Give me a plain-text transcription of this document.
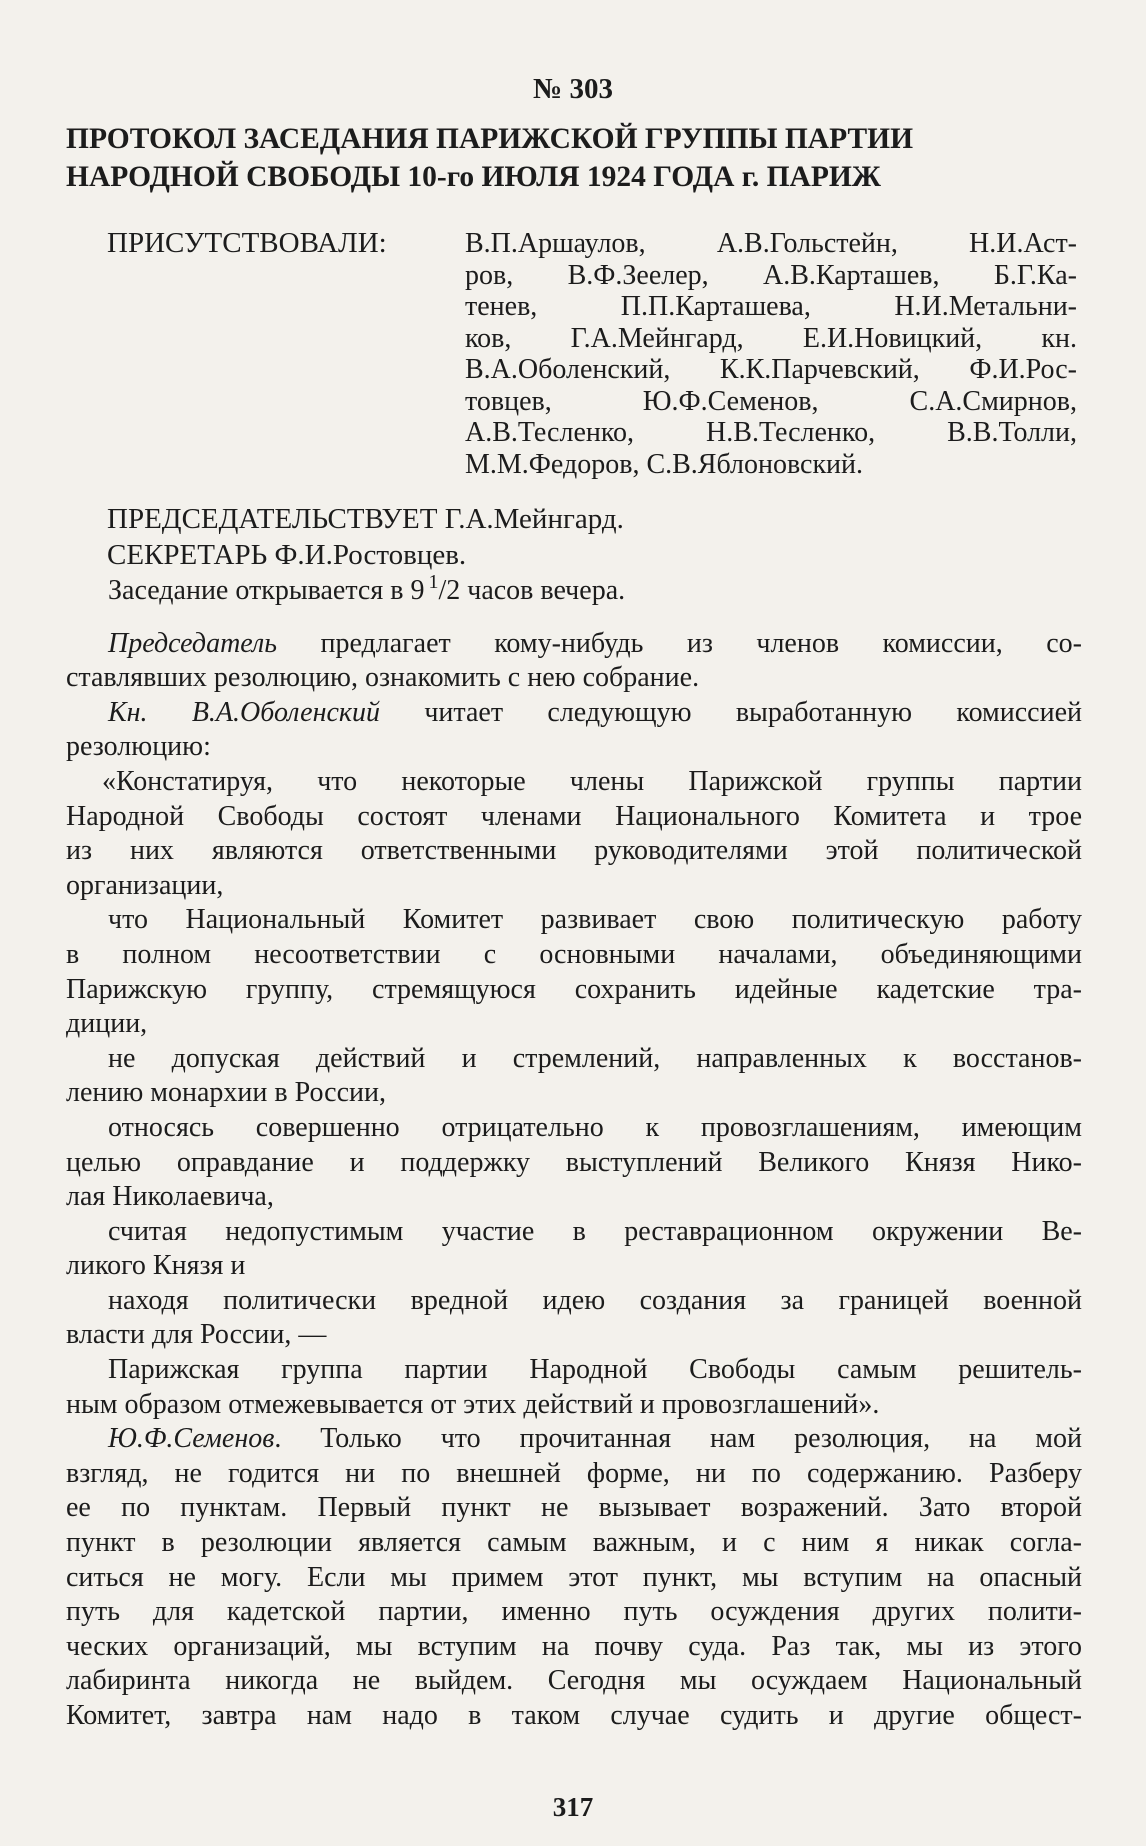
№ 303
ПРОТОКОЛ ЗАСЕДАНИЯ ПАРИЖСКОЙ ГРУППЫ ПАРТИИ
НАРОДНОЙ СВОБОДЫ 10-го ИЮЛЯ 1924 ГОДА г. ПАРИЖ
ПРИСУТСТВОВАЛИ:	В.П.Аршаулов, А.В.Гольстейн, Н.И.Аст-
ров, В.Ф.Зеелер, А.В.Карташев, Б.Г.Ка-
тенев, П.П.Карташева, Н.И.Метальни-
ков, Г.А.Мейнгард, Е.И.Новицкий, кн.
В.А.Оболенский, К.К.Парчевский, Ф.И.Рос-
товцев, Ю.Ф.Семенов, С.А.Смирнов,
А.В.Тесленко, Н.В.Тесленко, В.В.Толли,
М.М.Федоров, С.В.Яблоновский.
ПРЕДСЕДАТЕЛЬСТВУЕТ Г.А.Мейнгард.
СЕКРЕТАРЬ Ф.И.Ростовцев.
Заседание открывается в 9 $^1$/2 часов вечера.
Председатель предлагает кому-нибудь из членов комиссии, со-
ставлявших резолюцию, ознакомить с нею собрание.
Кн. В.А.Оболенский читает следующую выработанную комиссией
резолюцию:
«Констатируя, что некоторые члены Парижской группы партии
Народной Свободы состоят членами Национального Комитета и трое
из них являются ответственными руководителями этой политической
организации,
что Национальный Комитет развивает свою политическую работу
в полном несоответствии с основными началами, объединяющими
Парижскую группу, стремящуюся сохранить идейные кадетские тра-
диции,
не допуская действий и стремлений, направленных к восстанов-
лению монархии в России,
относясь совершенно отрицательно к провозглашениям, имеющим
целью оправдание и поддержку выступлений Великого Князя Нико-
лая Николаевича,
считая недопустимым участие в реставрационном окружении Ве-
ликого Князя и
находя политически вредной идею создания за границей военной
власти для России, —
Парижская группа партии Народной Свободы самым решитель-
ным образом отмежевывается от этих действий и провозглашений».
Ю.Ф.Семенов. Только что прочитанная нам резолюция, на мой
взгляд, не годится ни по внешней форме, ни по содержанию. Разберу
ее по пунктам. Первый пункт не вызывает возражений. Зато второй
пункт в резолюции является самым важным, и с ним я никак согла-
ситься не могу. Если мы примем этот пункт, мы вступим на опасный
путь для кадетской партии, именно путь осуждения других полити-
ческих организаций, мы вступим на почву суда. Раз так, мы из этого
лабиринта никогда не выйдем. Сегодня мы осуждаем Национальный
Комитет, завтра нам надо в таком случае судить и другие общест-
317
